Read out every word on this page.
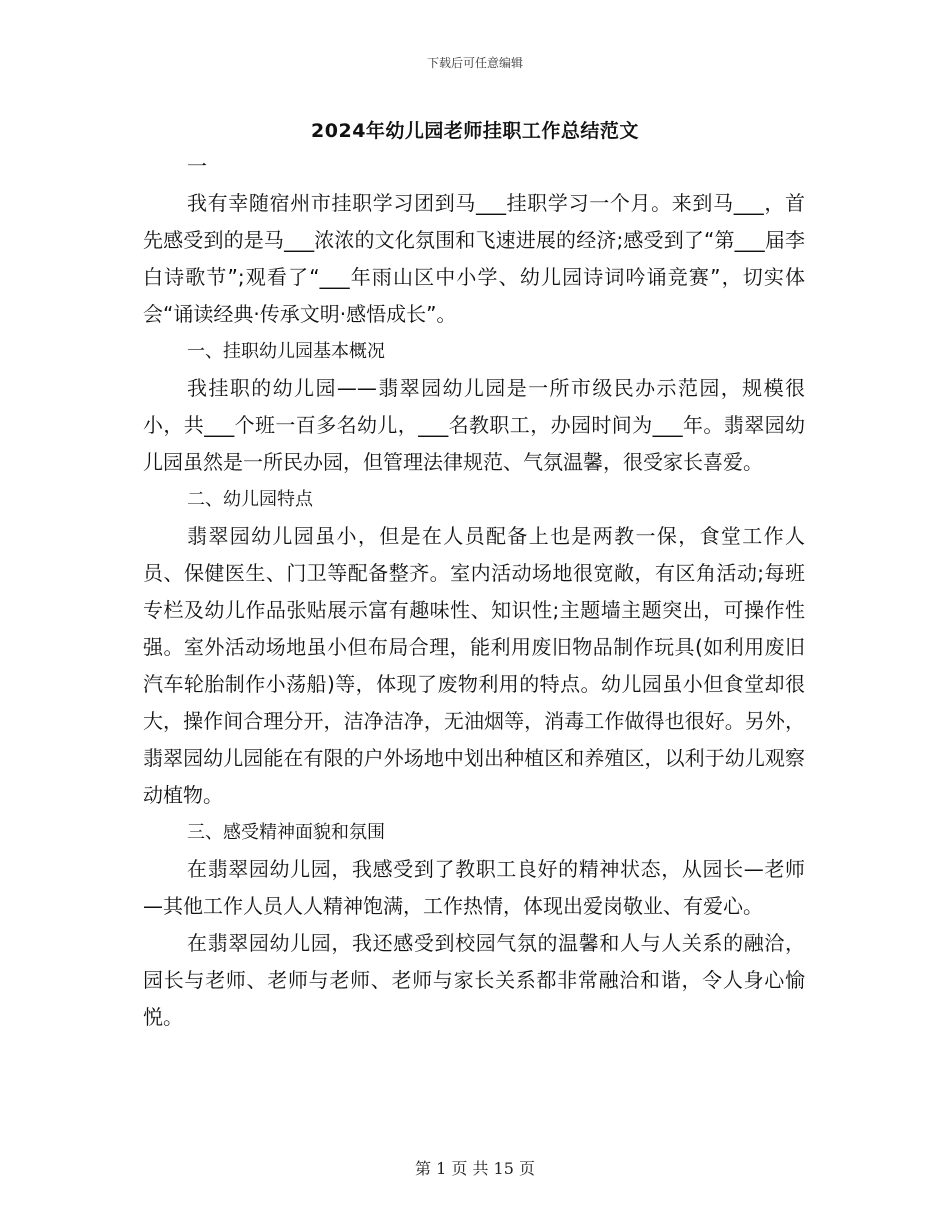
下载后可任意编辑
2024年幼儿园老师挂职工作总结范文

一

我有幸随宿州市挂职学习团到马___挂职学习一个月。来到马___，首先感受到的是马___浓浓的文化氛围和飞速进展的经济;感受到了“第___届李白诗歌节”;观看了“___年雨山区中小学、幼儿园诗词吟诵竞赛”，切实体会“诵读经典·传承文明·感悟成长”。

一、挂职幼儿园基本概况

我挂职的幼儿园——翡翠园幼儿园是一所市级民办示范园，规模很小，共___个班一百多名幼儿，___名教职工，办园时间为___年。翡翠园幼儿园虽然是一所民办园，但管理法律规范、气氛温馨，很受家长喜爱。

二、幼儿园特点

翡翠园幼儿园虽小，但是在人员配备上也是两教一保，食堂工作人员、保健医生、门卫等配备整齐。室内活动场地很宽敞，有区角活动;每班专栏及幼儿作品张贴展示富有趣味性、知识性;主题墙主题突出，可操作性强。室外活动场地虽小但布局合理，能利用废旧物品制作玩具(如利用废旧汽车轮胎制作小荡船)等，体现了废物利用的特点。幼儿园虽小但食堂却很大，操作间合理分开，洁净洁净，无油烟等，消毒工作做得也很好。另外，翡翠园幼儿园能在有限的户外场地中划出种植区和养殖区，以利于幼儿观察动植物。

三、感受精神面貌和氛围

在翡翠园幼儿园，我感受到了教职工良好的精神状态，从园长—老师—其他工作人员人人精神饱满，工作热情，体现出爱岗敬业、有爱心。

在翡翠园幼儿园，我还感受到校园气氛的温馨和人与人关系的融洽，园长与老师、老师与老师、老师与家长关系都非常融洽和谐，令人身心愉悦。

第 1 页 共 15 页
